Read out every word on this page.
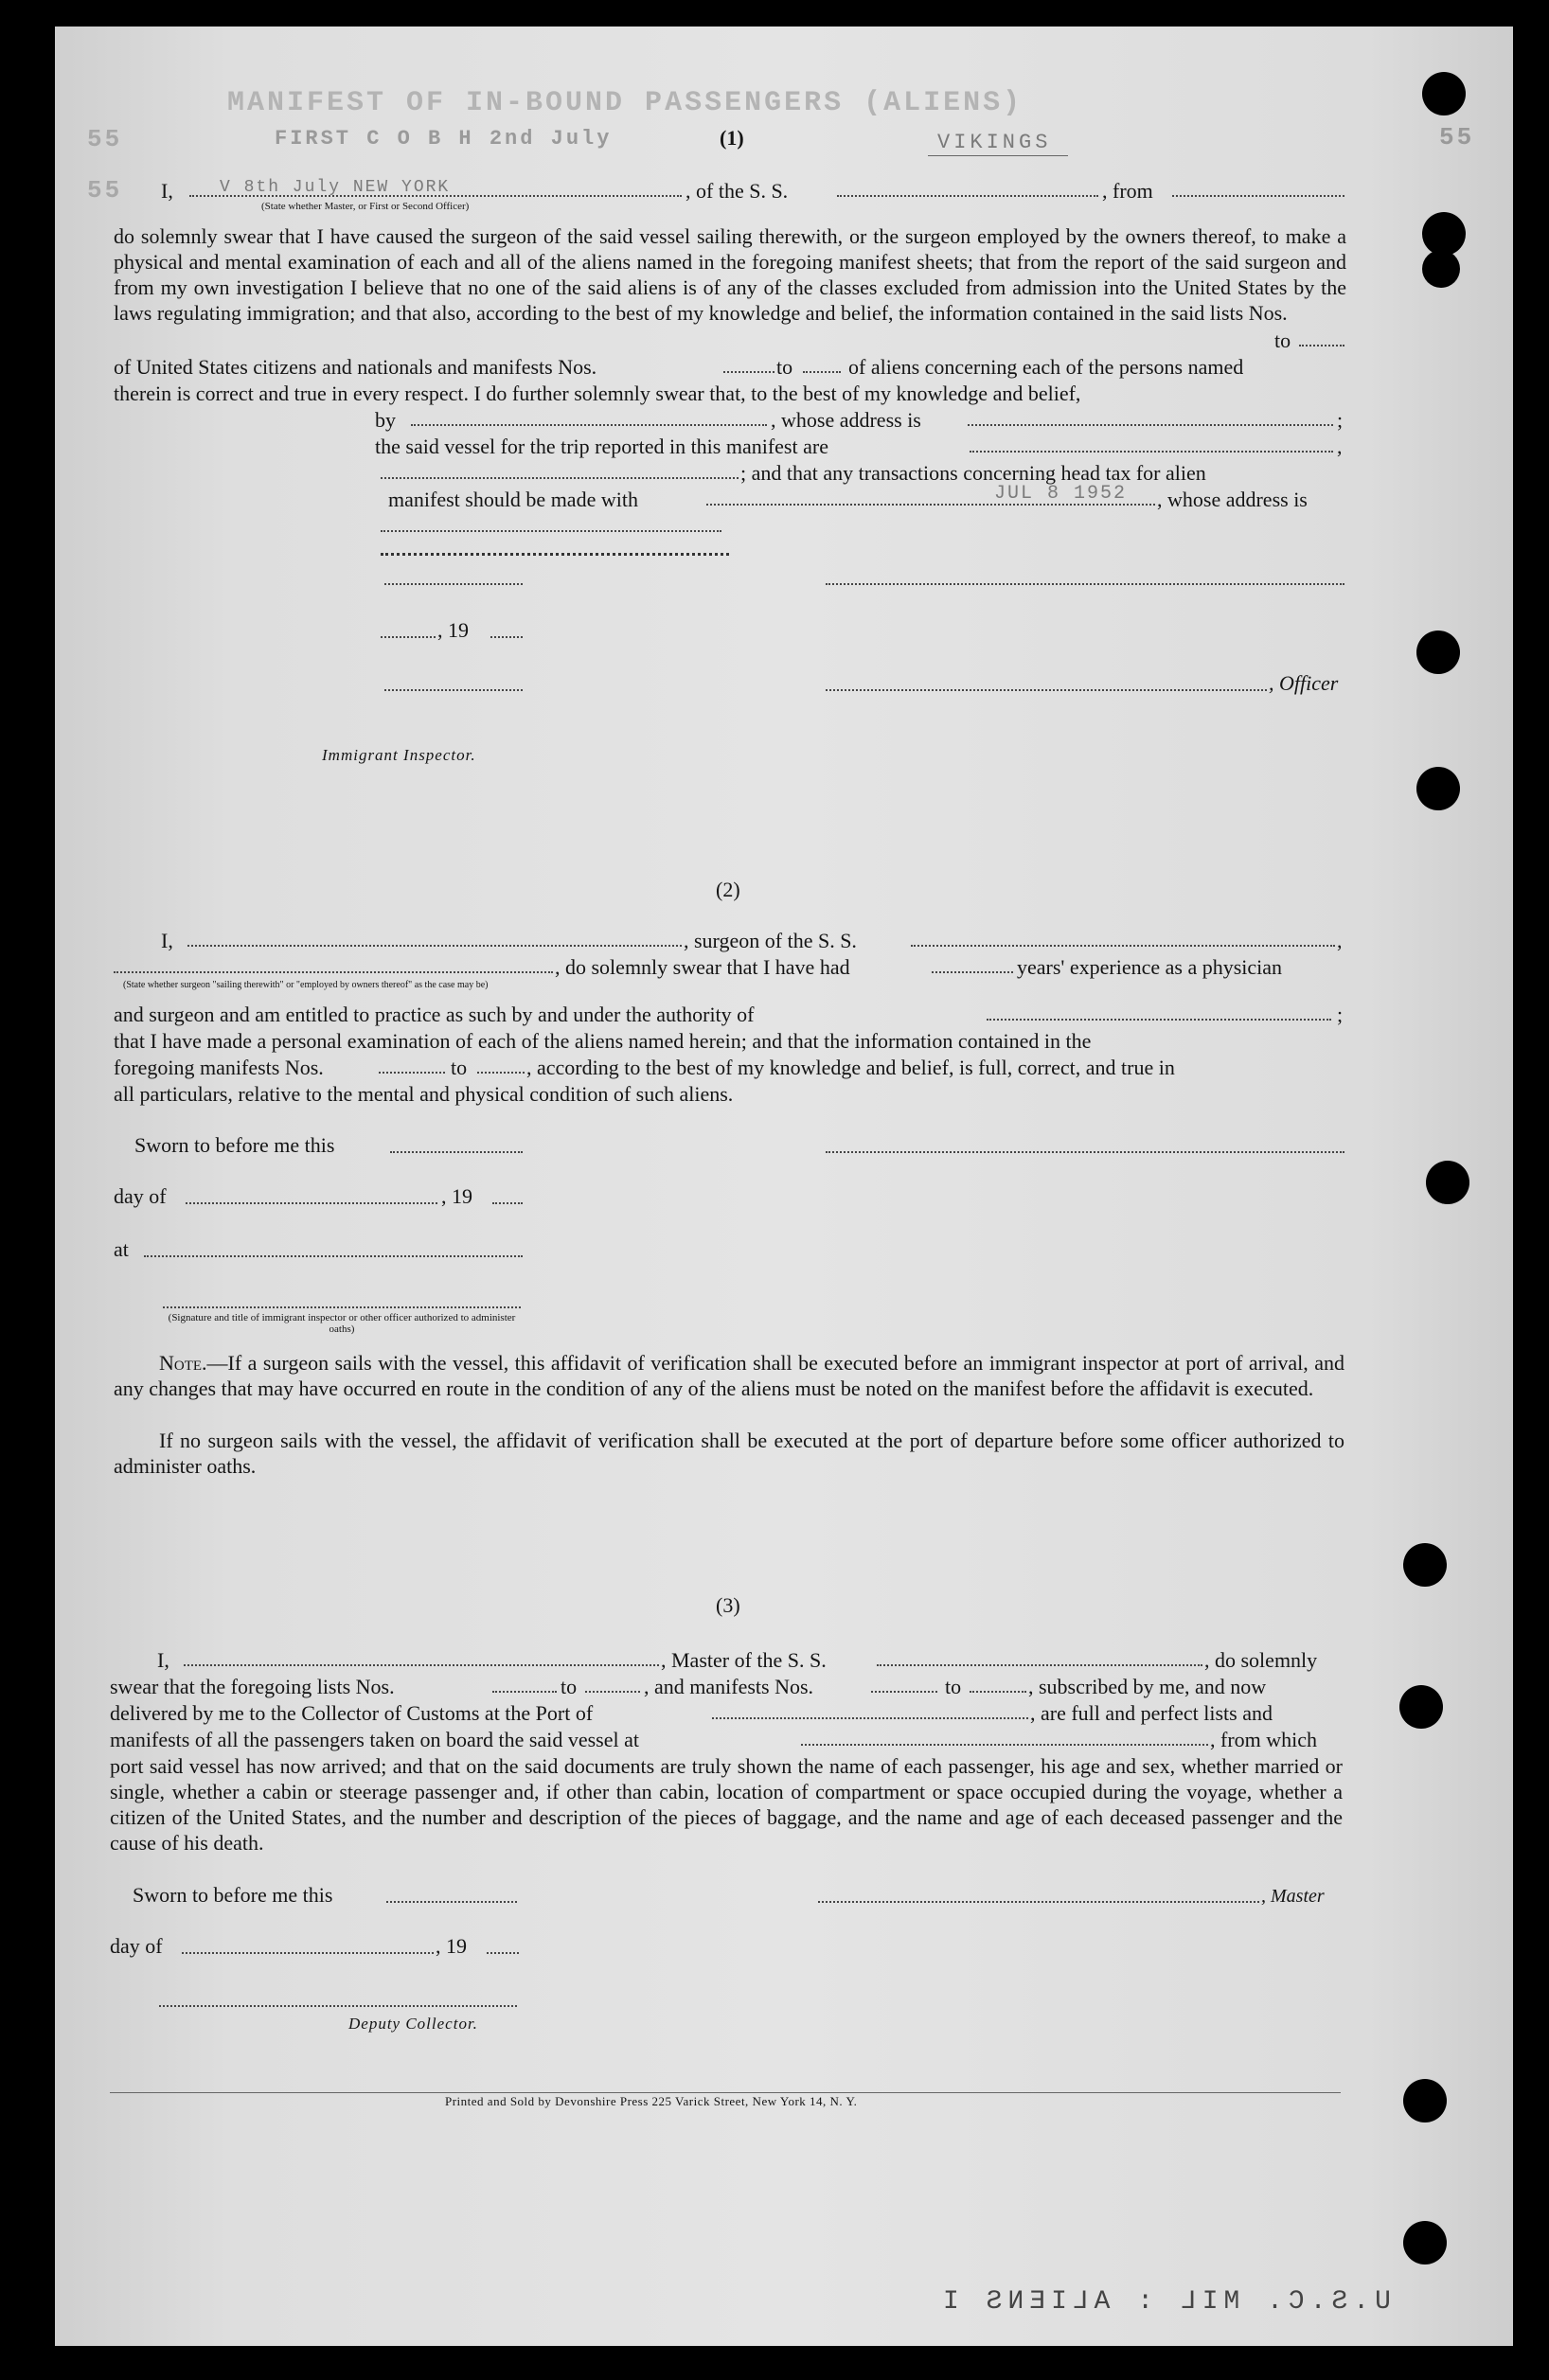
MANIFEST OF IN-BOUND PASSENGERS (ALIENS)
FIRST C O B H 2nd July	55
55
55
VIKINGS
V 8th July NEW YORK
JUL 8 1952
U.S.C. MIL : ALIENS I
(1)
I,	, of the S. S.	, from
(State whether Master, or First or Second Officer)
do solemnly swear that I have caused the surgeon of the said vessel sailing therewith, or the surgeon employed by the owners thereof, to make a physical and mental examination of each and all of the aliens named in the foregoing manifest sheets; that from the report of the said surgeon and from my own investigation I believe that no one of the said aliens is of any of the classes excluded from admission into the United States by the laws regulating immigration; and that also, according to the best of my knowledge and belief, the information contained in the said lists Nos.
to
of United States citizens and nationals and manifests Nos.	to	of aliens concerning each of the persons named
therein is correct and true in every respect. I do further solemnly swear that, to the best of my knowledge and belief,
by	, whose address is	;
the said vessel for the trip reported in this manifest are	,
; and that any transactions concerning head tax for alien
manifest should be made with	, whose address is
, 19
, Officer
Immigrant Inspector.
(2)
I,	, surgeon of the S. S.	,
, do solemnly swear that I have had	years' experience as a physician
(State whether surgeon "sailing therewith" or "employed by owners thereof" as the case may be)
and surgeon and am entitled to practice as such by and under the authority of	;
that I have made a personal examination of each of the aliens named herein; and that the information contained in the
foregoing manifests Nos.	to	, according to the best of my knowledge and belief, is full, correct, and true in
all particulars, relative to the mental and physical condition of such aliens.
Sworn to before me this
day of	, 19
at
(Signature and title of immigrant inspector or other officer authorized to administer oaths)
Note.—If a surgeon sails with the vessel, this affidavit of verification shall be executed before an immigrant inspector at port of arrival, and any changes that may have occurred en route in the condition of any of the aliens must be noted on the manifest before the affidavit is executed.
If no surgeon sails with the vessel, the affidavit of verification shall be executed at the port of departure before some officer authorized to administer oaths.
(3)
I,	, Master of the S. S.	, do solemnly
swear that the foregoing lists Nos.	to	, and manifests Nos.	to	, subscribed by me, and now
delivered by me to the Collector of Customs at the Port of	, are full and perfect lists and
manifests of all the passengers taken on board the said vessel at	, from which
port said vessel has now arrived; and that on the said documents are truly shown the name of each passenger, his age and sex, whether married or single, whether a cabin or steerage passenger and, if other than cabin, location of compartment or space occupied during the voyage, whether a citizen of the United States, and the number and description of the pieces of baggage, and the name and age of each deceased passenger and the cause of his death.
Sworn to before me this	, Master
day of	, 19
Deputy Collector.
Printed and Sold by Devonshire Press 225 Varick Street, New York 14, N. Y.
